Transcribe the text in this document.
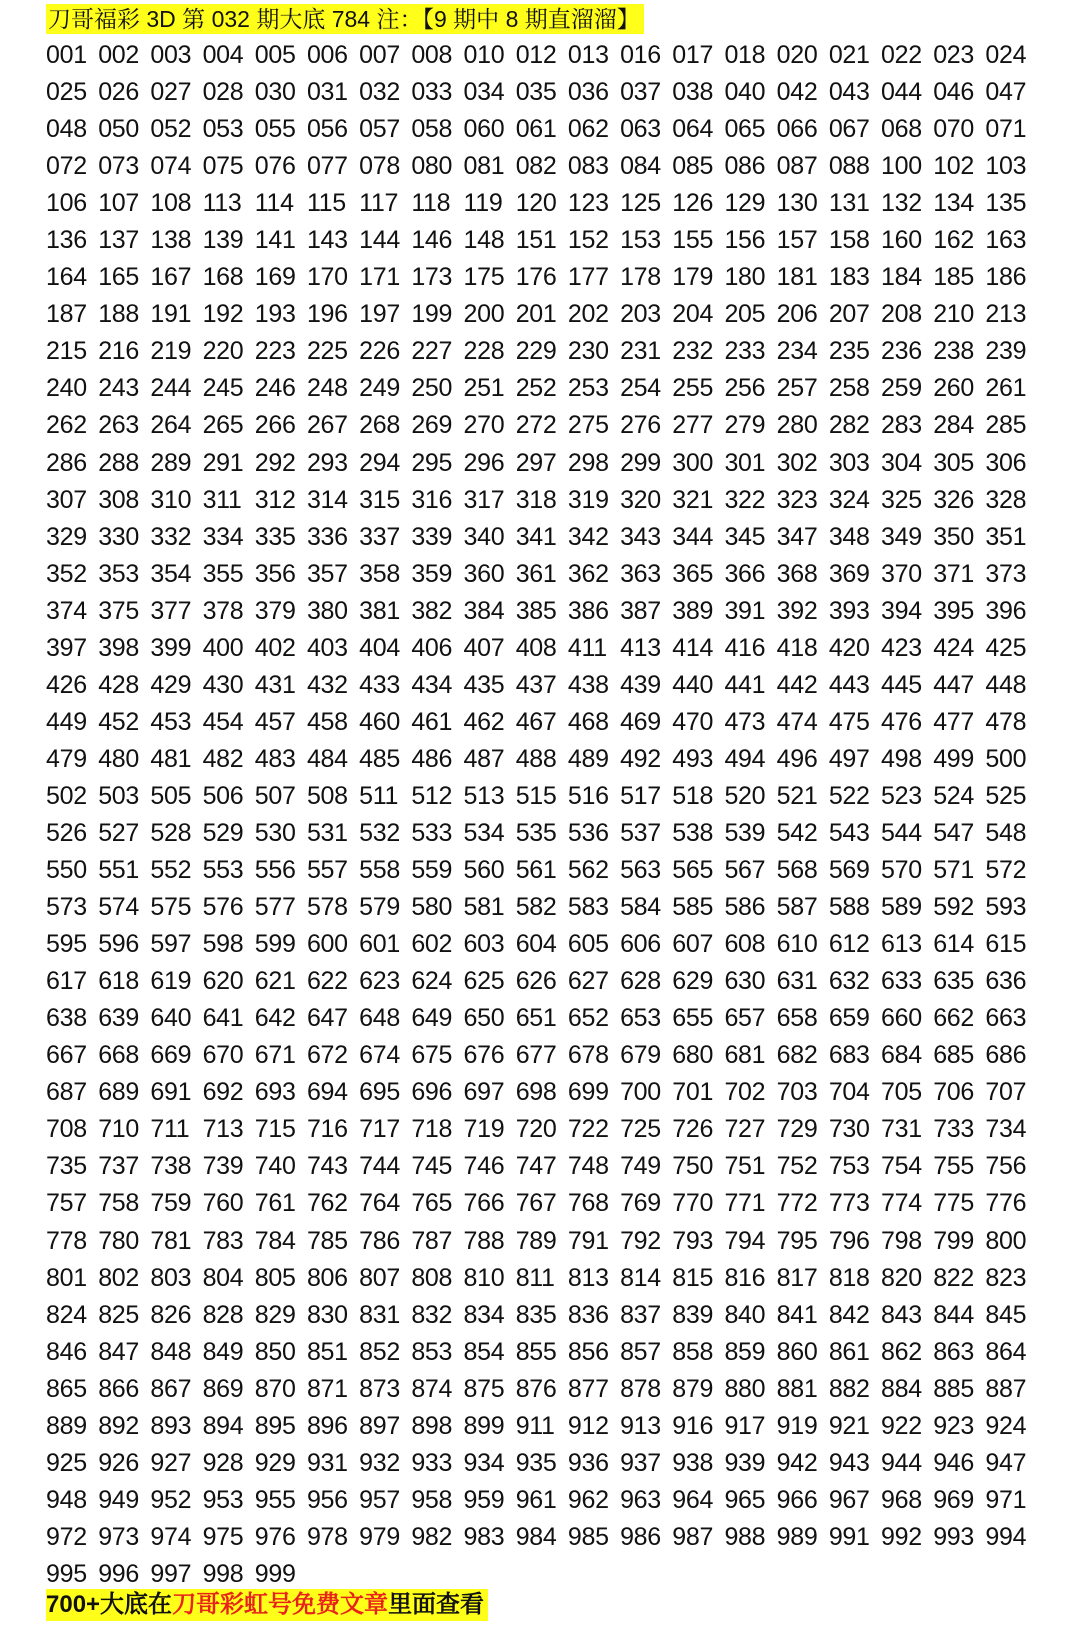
刀哥福彩 3D 第 032 期大底 784 注：【9 期中 8 期直溜溜】
001 002 003 004 005 006 007 008 010 012 013 016 017 018 020 021 022 023 024
025 026 027 028 030 031 032 033 034 035 036 037 038 040 042 043 044 046 047
048 050 052 053 055 056 057 058 060 061 062 063 064 065 066 067 068 070 071
072 073 074 075 076 077 078 080 081 082 083 084 085 086 087 088 100 102 103
106 107 108 113 114 115 117 118 119 120 123 125 126 129 130 131 132 134 135
136 137 138 139 141 143 144 146 148 151 152 153 155 156 157 158 160 162 163
164 165 167 168 169 170 171 173 175 176 177 178 179 180 181 183 184 185 186
187 188 191 192 193 196 197 199 200 201 202 203 204 205 206 207 208 210 213
215 216 219 220 223 225 226 227 228 229 230 231 232 233 234 235 236 238 239
240 243 244 245 246 248 249 250 251 252 253 254 255 256 257 258 259 260 261
262 263 264 265 266 267 268 269 270 272 275 276 277 279 280 282 283 284 285
286 288 289 291 292 293 294 295 296 297 298 299 300 301 302 303 304 305 306
307 308 310 311 312 314 315 316 317 318 319 320 321 322 323 324 325 326 328
329 330 332 334 335 336 337 339 340 341 342 343 344 345 347 348 349 350 351
352 353 354 355 356 357 358 359 360 361 362 363 365 366 368 369 370 371 373
374 375 377 378 379 380 381 382 384 385 386 387 389 391 392 393 394 395 396
397 398 399 400 402 403 404 406 407 408 411 413 414 416 418 420 423 424 425
426 428 429 430 431 432 433 434 435 437 438 439 440 441 442 443 445 447 448
449 452 453 454 457 458 460 461 462 467 468 469 470 473 474 475 476 477 478
479 480 481 482 483 484 485 486 487 488 489 492 493 494 496 497 498 499 500
502 503 505 506 507 508 511 512 513 515 516 517 518 520 521 522 523 524 525
526 527 528 529 530 531 532 533 534 535 536 537 538 539 542 543 544 547 548
550 551 552 553 556 557 558 559 560 561 562 563 565 567 568 569 570 571 572
573 574 575 576 577 578 579 580 581 582 583 584 585 586 587 588 589 592 593
595 596 597 598 599 600 601 602 603 604 605 606 607 608 610 612 613 614 615
617 618 619 620 621 622 623 624 625 626 627 628 629 630 631 632 633 635 636
638 639 640 641 642 647 648 649 650 651 652 653 655 657 658 659 660 662 663
667 668 669 670 671 672 674 675 676 677 678 679 680 681 682 683 684 685 686
687 689 691 692 693 694 695 696 697 698 699 700 701 702 703 704 705 706 707
708 710 711 713 715 716 717 718 719 720 722 725 726 727 729 730 731 733 734
735 737 738 739 740 743 744 745 746 747 748 749 750 751 752 753 754 755 756
757 758 759 760 761 762 764 765 766 767 768 769 770 771 772 773 774 775 776
778 780 781 783 784 785 786 787 788 789 791 792 793 794 795 796 798 799 800
801 802 803 804 805 806 807 808 810 811 813 814 815 816 817 818 820 822 823
824 825 826 828 829 830 831 832 834 835 836 837 839 840 841 842 843 844 845
846 847 848 849 850 851 852 853 854 855 856 857 858 859 860 861 862 863 864
865 866 867 869 870 871 873 874 875 876 877 878 879 880 881 882 884 885 887
889 892 893 894 895 896 897 898 899 911 912 913 916 917 919 921 922 923 924
925 926 927 928 929 931 932 933 934 935 936 937 938 939 942 943 944 946 947
948 949 952 953 955 956 957 958 959 961 962 963 964 965 966 967 968 969 971
972 973 974 975 976 978 979 982 983 984 985 986 987 988 989 991 992 993 994
995 996 997 998 999
700+大底在刀哥彩虹号免费文章里面查看
